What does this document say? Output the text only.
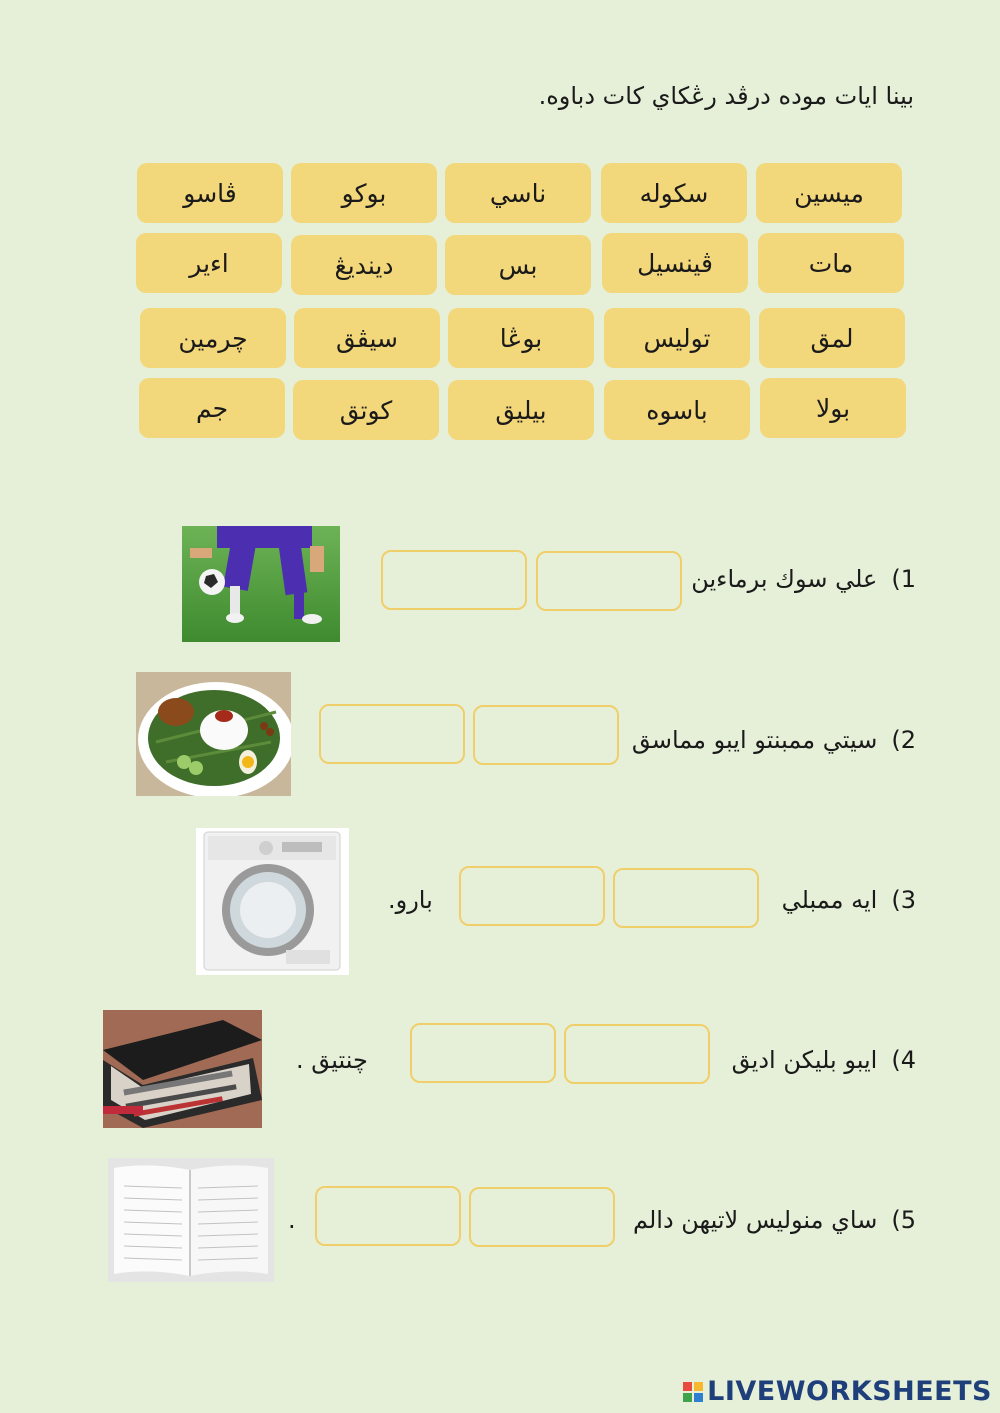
بينا ايات موده درڤد رڠكاي كات دباوه.
ميسين
سكوله
ناسي
بوكو
ڤاسو
مات
ڤينسيل
بس
دينديڠ
اءير
لمق
توليس
بوڠا
سيڤق
چرمين
بولا
باسوه
بيليق
كوتق
جم
1)علي سوك برماءين
2)سيتي ممبنتو ايبو مماسق
3)ايه ممبلي
بارو.
4)ايبو بليكن اديق
چنتيق .
5)ساي منوليس لاتيهن دالم
.
LIVEWORKSHEETS
